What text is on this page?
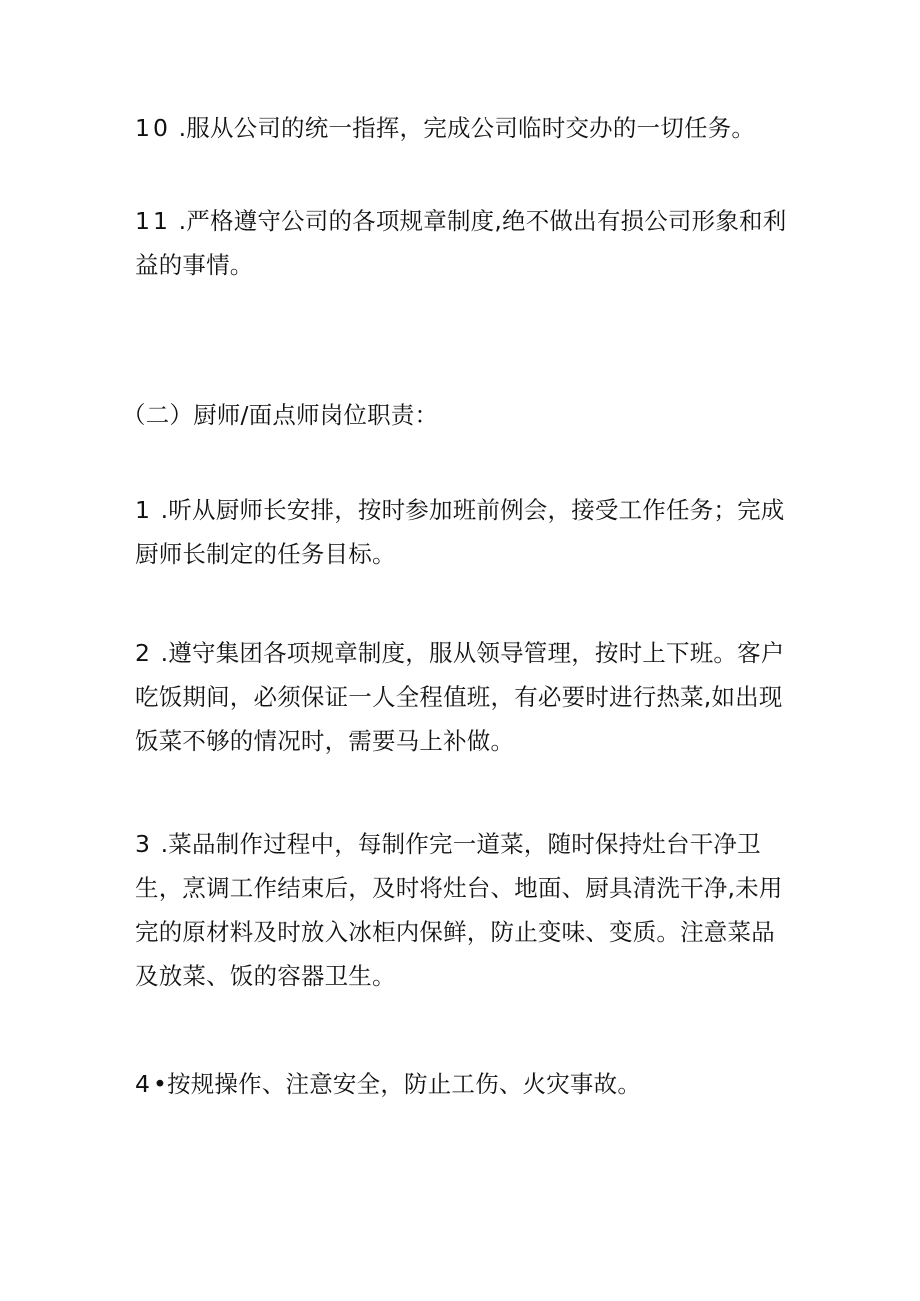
10 .服从公司的统一指挥，完成公司临时交办的一切任务。

11 .严格遵守公司的各项规章制度,绝不做出有损公司形象和利益的事情。

（二）厨师/面点师岗位职责：

1 .听从厨师长安排，按时参加班前例会，接受工作任务；完成厨师长制定的任务目标。

2 .遵守集团各项规章制度，服从领导管理，按时上下班。客户吃饭期间，必须保证一人全程值班，有必要时进行热菜,如出现饭菜不够的情况时，需要马上补做。

3 .菜品制作过程中，每制作完一道菜，随时保持灶台干净卫生，烹调工作结束后，及时将灶台、地面、厨具清洗干净,未用完的原材料及时放入冰柜内保鲜，防止变味、变质。注意菜品及放菜、饭的容器卫生。

4•按规操作、注意安全，防止工伤、火灾事故。
